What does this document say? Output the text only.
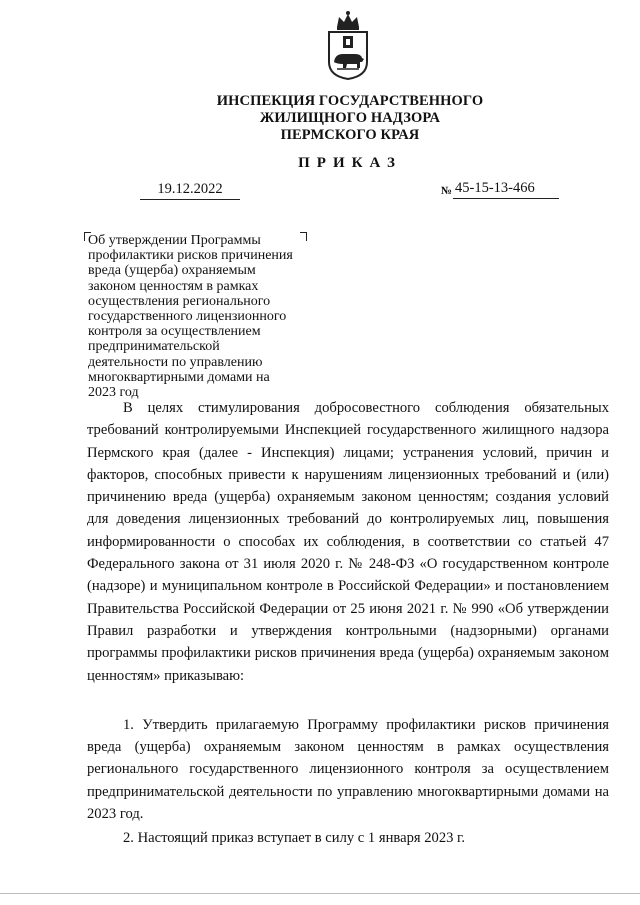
ИНСПЕКЦИЯ ГОСУДАРСТВЕННОГО
ЖИЛИЩНОГО НАДЗОРА
ПЕРМСКОГО КРАЯ
ПРИКАЗ
19.12.2022	№ 45-15-13-466
Об утверждении Программы
профилактики рисков причинения
вреда (ущерба) охраняемым
законом ценностям в рамках
осуществления регионального
государственного лицензионного
контроля за осуществлением
предпринимательской
деятельности по управлению
многоквартирными домами на
2023 год

В целях стимулирования добросовестного соблюдения обязательных требований контролируемыми Инспекцией государственного жилищного надзора Пермского края (далее - Инспекция) лицами; устранения условий, причин и факторов, способных привести к нарушениям лицензионных требований и (или) причинению вреда (ущерба) охраняемым законом ценностям; создания условий для доведения лицензионных требований до контролируемых лиц, повышения информированности о способах их соблюдения, в соответствии со статьей 47 Федерального закона от 31 июля 2020 г. № 248-ФЗ «О государственном контроле (надзоре) и муниципальном контроле в Российской Федерации» и постановлением Правительства Российской Федерации от 25 июня 2021 г. № 990 «Об утверждении Правил разработки и утверждения контрольными (надзорными) органами программы профилактики рисков причинения вреда (ущерба) охраняемым законом ценностям» приказываю:

1. Утвердить прилагаемую Программу профилактики рисков причинения вреда (ущерба) охраняемым законом ценностям в рамках осуществления регионального государственного лицензионного контроля за осуществлением предпринимательской деятельности по управлению многоквартирными домами на 2023 год.

2. Настоящий приказ вступает в силу с 1 января 2023 г.
